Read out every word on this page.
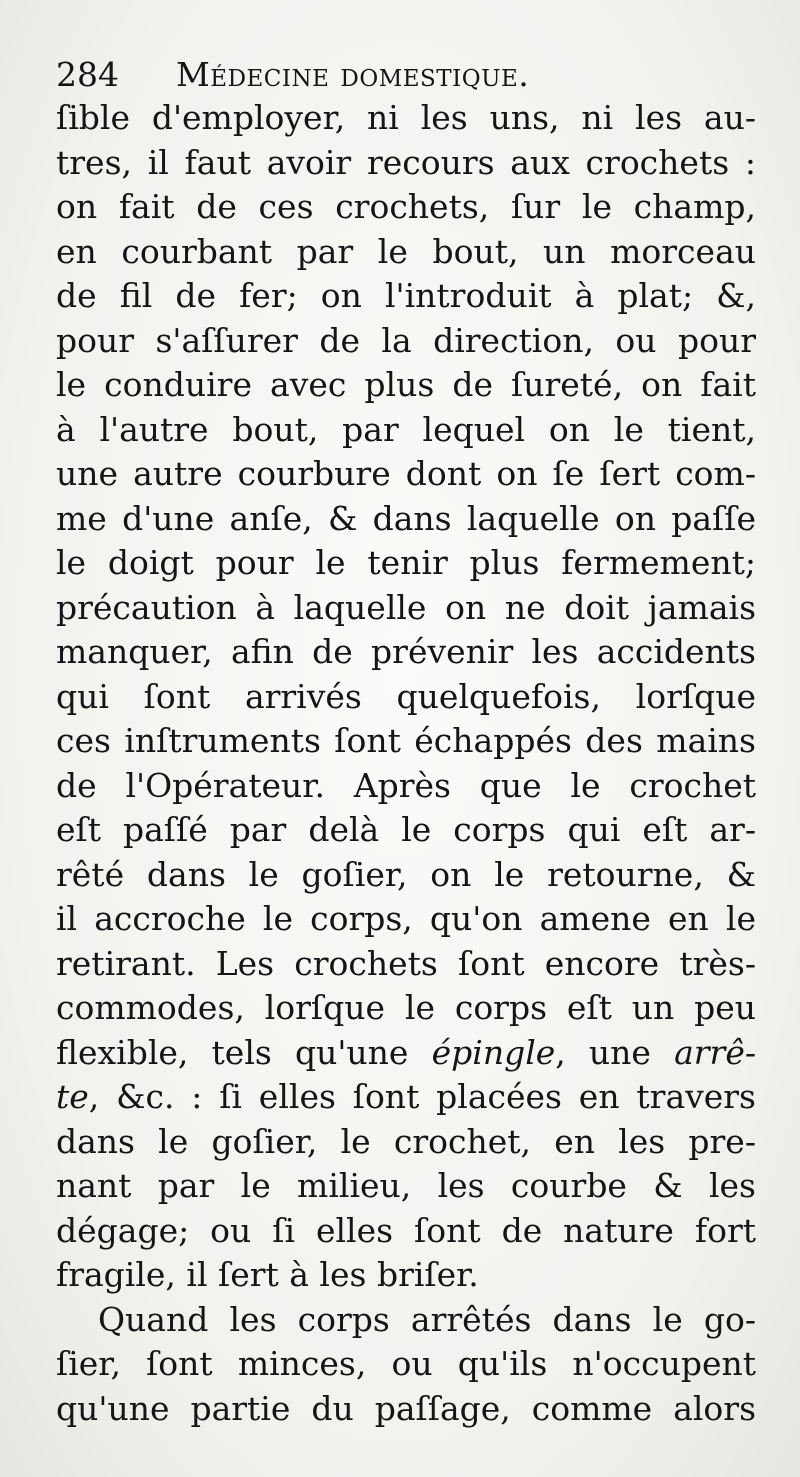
284 Médecine domestique.
ſible d'employer, ni les uns, ni les au-
tres, il faut avoir recours aux crochets :
on fait de ces crochets, ſur le champ,
en courbant par le bout, un morceau
de fil de fer; on l'introduit à plat; &,
pour s'aſſurer de la direction, ou pour
le conduire avec plus de ſureté, on fait
à l'autre bout, par lequel on le tient,
une autre courbure dont on ſe ſert com-
me d'une anſe, & dans laquelle on paſſe
le doigt pour le tenir plus fermement;
précaution à laquelle on ne doit jamais
manquer, afin de prévenir les accidents
qui ſont arrivés quelquefois, lorſque
ces inſtruments ſont échappés des mains
de l'Opérateur. Après que le crochet
eſt paſſé par delà le corps qui eſt ar-
rêté dans le goſier, on le retourne, &
il accroche le corps, qu'on amene en le
retirant. Les crochets ſont encore très-
commodes, lorſque le corps eſt un peu
flexible, tels qu'une épingle, une arrê-
te, &c. : ſi elles ſont placées en travers
dans le goſier, le crochet, en les pre-
nant par le milieu, les courbe & les
dégage; ou ſi elles ſont de nature fort
fragile, il ſert à les briſer.
Quand les corps arrêtés dans le go-
ſier, ſont minces, ou qu'ils n'occupent
qu'une partie du paſſage, comme alors
